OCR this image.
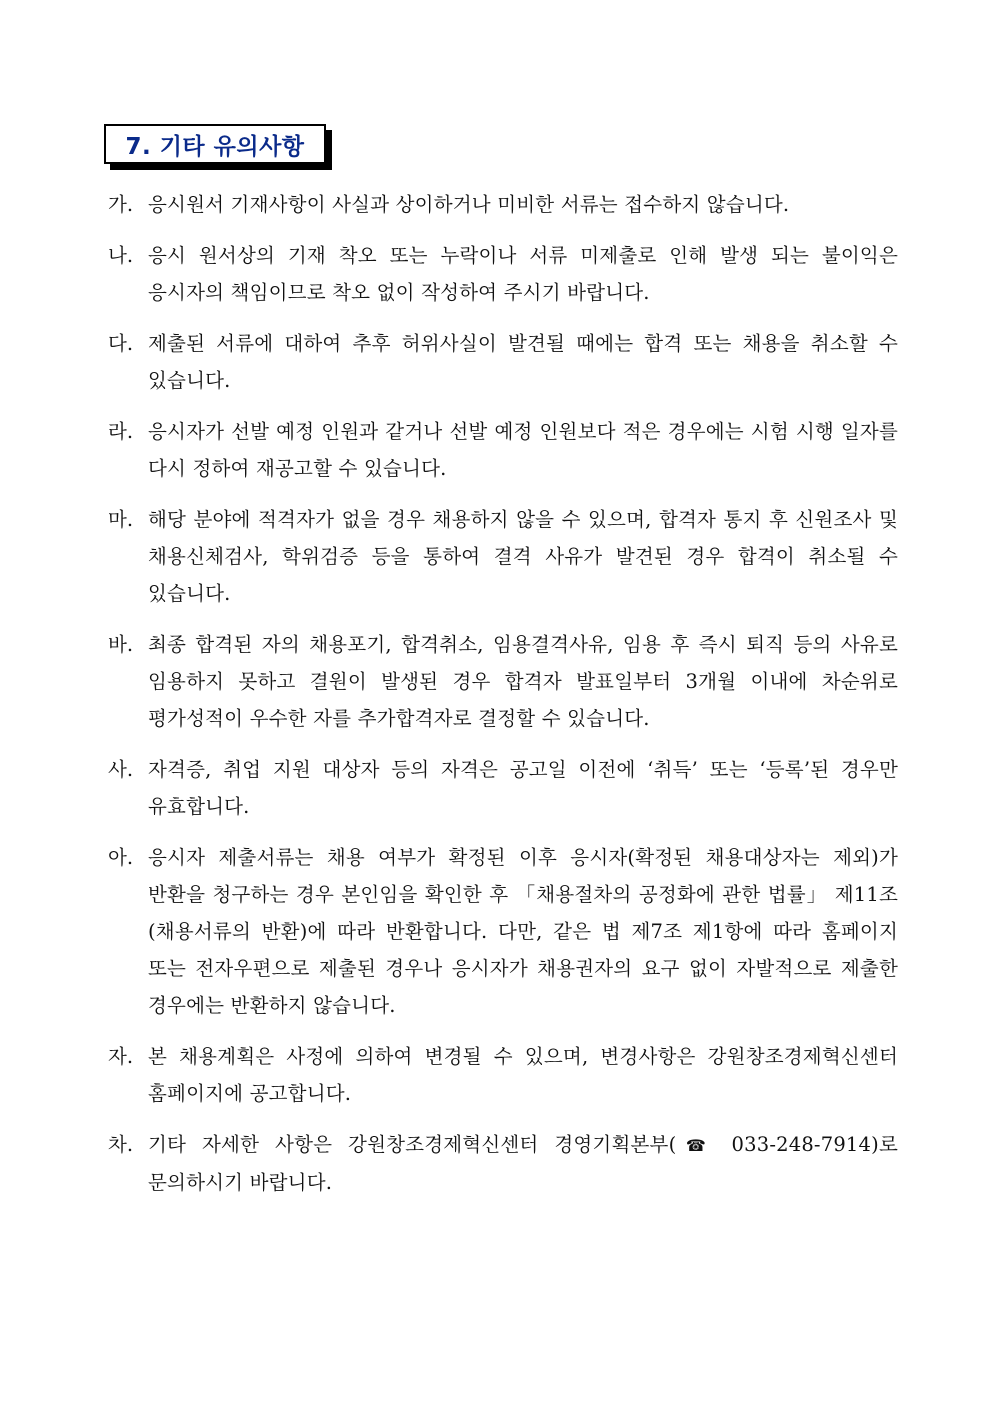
7. 기타 유의사항
가. 응시원서 기재사항이 사실과 상이하거나 미비한 서류는 접수하지 않습니다.
나. 응시 원서상의 기재 착오 또는 누락이나 서류 미제출로 인해 발생 되는 불이익은 응시자의 책임이므로 착오 없이 작성하여 주시기 바랍니다.
다. 제출된 서류에 대하여 추후 허위사실이 발견될 때에는 합격 또는 채용을 취소할 수 있습니다.
라. 응시자가 선발 예정 인원과 같거나 선발 예정 인원보다 적은 경우에는 시험 시행 일자를 다시 정하여 재공고할 수 있습니다.
마. 해당 분야에 적격자가 없을 경우 채용하지 않을 수 있으며, 합격자 통지 후 신원조사 및 채용신체검사, 학위검증 등을 통하여 결격 사유가 발견된 경우 합격이 취소될 수 있습니다.
바. 최종 합격된 자의 채용포기, 합격취소, 임용결격사유, 임용 후 즉시 퇴직 등의 사유로 임용하지 못하고 결원이 발생된 경우 합격자 발표일부터 3개월 이내에 차순위로 평가성적이 우수한 자를 추가합격자로 결정할 수 있습니다.
사. 자격증, 취업 지원 대상자 등의 자격은 공고일 이전에 ‘취득’ 또는 ‘등록’된 경우만 유효합니다.
아. 응시자 제출서류는 채용 여부가 확정된 이후 응시자(확정된 채용대상자는 제외)가 반환을 청구하는 경우 본인임을 확인한 후 「채용절차의 공정화에 관한 법률」 제11조(채용서류의 반환)에 따라 반환합니다. 다만, 같은 법 제7조 제1항에 따라 홈페이지 또는 전자우편으로 제출된 경우나 응시자가 채용권자의 요구 없이 자발적으로 제출한 경우에는 반환하지 않습니다.
자. 본 채용계획은 사정에 의하여 변경될 수 있으며, 변경사항은 강원창조경제혁신센터 홈페이지에 공고합니다.
차. 기타 자세한 사항은 강원창조경제혁신센터 경영기획본부(☎ 033-248-7914)로 문의하시기 바랍니다.
